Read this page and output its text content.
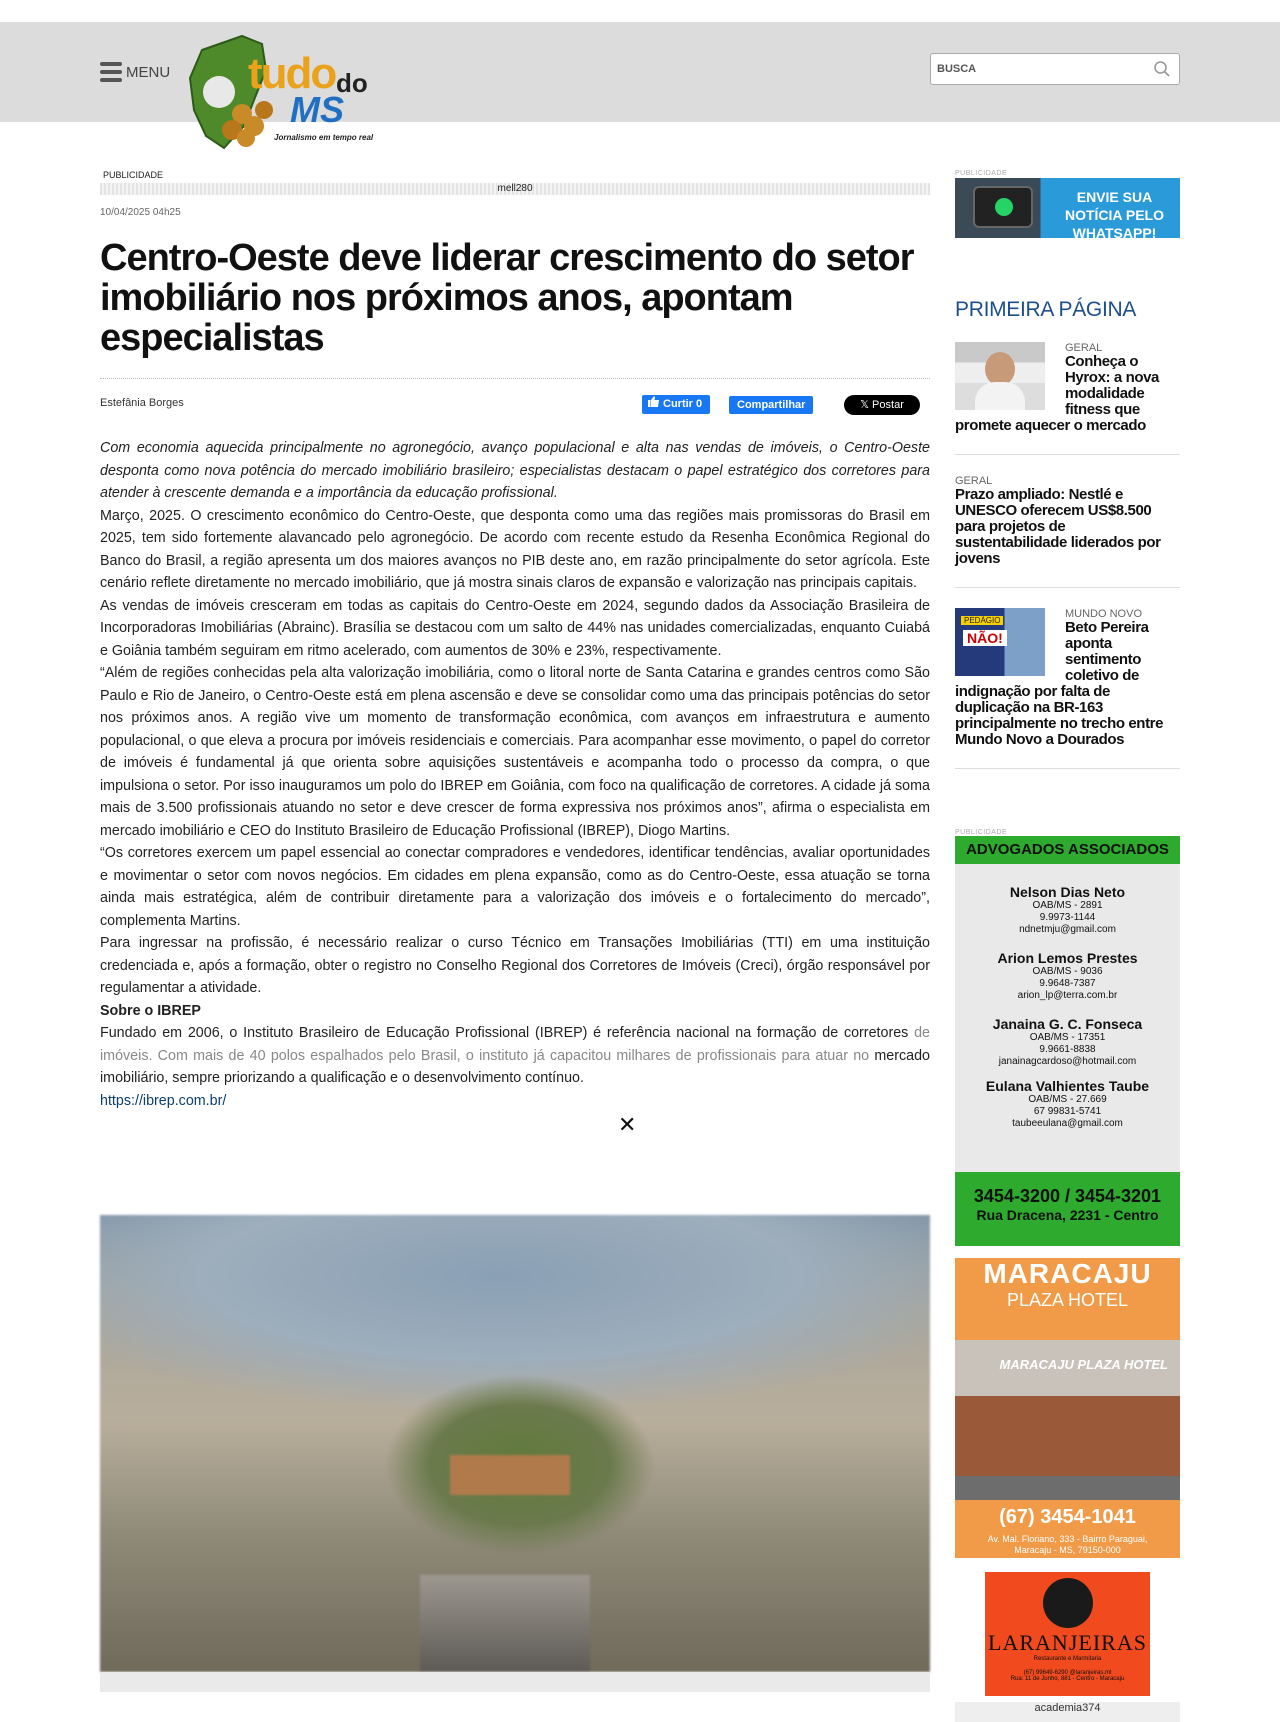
MENU tudo do
MS
Jornalismo em tempo real
BUSCA
PUBLICIDADE
mell280
10/04/2025 04h25
Centro-Oeste deve liderar crescimento do setor imobiliário nos próximos anos, apontam especialistas
Estefânia Borges	Curtir 0	Compartilhar	𝕏 Postar

Com economia aquecida principalmente no agronegócio, avanço populacional e alta nas vendas de imóveis, o Centro-Oeste desponta como nova potência do mercado imobiliário brasileiro; especialistas destacam o papel estratégico dos corretores para atender à crescente demanda e a importância da educação profissional.

Março, 2025. O crescimento econômico do Centro-Oeste, que desponta como uma das regiões mais promissoras do Brasil em 2025, tem sido fortemente alavancado pelo agronegócio. De acordo com recente estudo da Resenha Econômica Regional do Banco do Brasil, a região apresenta um dos maiores avanços no PIB deste ano, em razão principalmente do setor agrícola. Este cenário reflete diretamente no mercado imobiliário, que já mostra sinais claros de expansão e valorização nas principais capitais.

As vendas de imóveis cresceram em todas as capitais do Centro-Oeste em 2024, segundo dados da Associação Brasileira de Incorporadoras Imobiliárias (Abrainc). Brasília se destacou com um salto de 44% nas unidades comercializadas, enquanto Cuiabá e Goiânia também seguiram em ritmo acelerado, com aumentos de 30% e 23%, respectivamente.

“Além de regiões conhecidas pela alta valorização imobiliária, como o litoral norte de Santa Catarina e grandes centros como São Paulo e Rio de Janeiro, o Centro-Oeste está em plena ascensão e deve se consolidar como uma das principais potências do setor nos próximos anos. A região vive um momento de transformação econômica, com avanços em infraestrutura e aumento populacional, o que eleva a procura por imóveis residenciais e comerciais. Para acompanhar esse movimento, o papel do corretor de imóveis é fundamental já que orienta sobre aquisições sustentáveis e acompanha todo o processo da compra, o que impulsiona o setor. Por isso inauguramos um polo do IBREP em Goiânia, com foco na qualificação de corretores. A cidade já soma mais de 3.500 profissionais atuando no setor e deve crescer de forma expressiva nos próximos anos”, afirma o especialista em mercado imobiliário e CEO do Instituto Brasileiro de Educação Profissional (IBREP), Diogo Martins.

“Os corretores exercem um papel essencial ao conectar compradores e vendedores, identificar tendências, avaliar oportunidades e movimentar o setor com novos negócios. Em cidades em plena expansão, como as do Centro-Oeste, essa atuação se torna ainda mais estratégica, além de contribuir diretamente para a valorização dos imóveis e o fortalecimento do mercado”, complementa Martins.

Para ingressar na profissão, é necessário realizar o curso Técnico em Transações Imobiliárias (TTI) em uma instituição credenciada e, após a formação, obter o registro no Conselho Regional dos Corretores de Imóveis (Creci), órgão responsável por regulamentar a atividade.

Sobre o IBREP

Fundado em 2006, o Instituto Brasileiro de Educação Profissional (IBREP) é referência nacional na formação de corretores de imóveis. Com mais de 40 polos espalhados pelo Brasil, o instituto já capacitou milhares de profissionais para atuar no mercado imobiliário, sempre priorizando a qualificação e o desenvolvimento contínuo.

https://ibrep.com.br/

✕
PUBLICIDADE
ENVIE SUA
NOTÍCIA PELO
WHATSAPP!
PRIMEIRA PÁGINA
GERAL
Conheça o Hyrox: a nova modalidade fitness que promete aquecer o mercado
GERAL
Prazo ampliado: Nestlé e UNESCO oferecem US$8.500 para projetos de sustentabilidade liderados por jovens
PEDÁGIO
NÃO!
MUNDO NOVO
Beto Pereira aponta sentimento coletivo de indignação por falta de duplicação na BR-163 principalmente no trecho entre Mundo Novo a Dourados
PUBLICIDADE
ADVOGADOS ASSOCIADOS
Nelson Dias Neto
OAB/MS - 2891
9.9973-1144
ndnetmju@gmail.com
Arion Lemos Prestes
OAB/MS - 9036
9.9648-7387
arion_lp@terra.com.br
Janaina G. C. Fonseca
OAB/MS - 17351
9.9661-8838
janainagcardoso@hotmail.com
Eulana Valhientes Taube
OAB/MS - 27.669
67 99831-5741
taubeeulana@gmail.com
3454-3200 / 3454-3201
Rua Dracena, 2231 - Centro
MARACAJU
PLAZA HOTEL
MARACAJU PLAZA HOTEL
(67) 3454-1041
Av. Mal. Floriano, 333 - Bairro Paraguai,
Maracaju - MS, 79150-000
LARANJEIRAS
Restaurante e Marmitaria
(67) 99649-6290 @laranjeiras.ml
Rua: 11 de Junho, 881 - Centro - Maracaju
academia374
